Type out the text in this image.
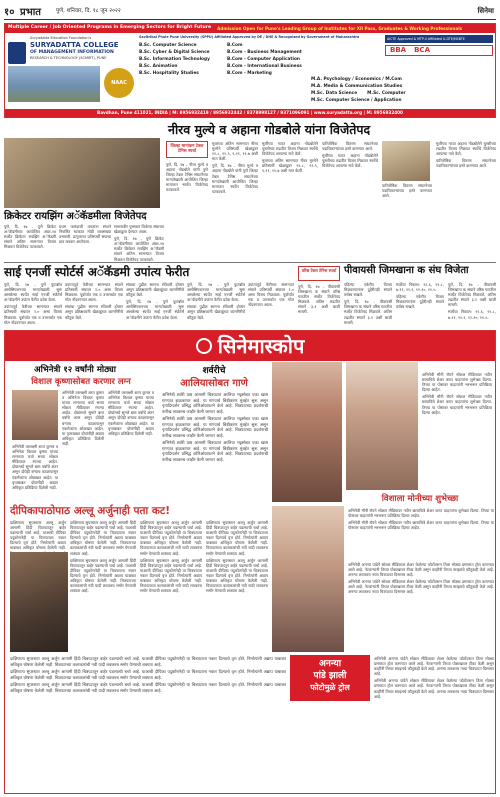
१० प्रभात	पुणे, शनिवार, दि. १८ जून २०२२	सिनेमा
Multiple Career / Job Oriented Programs in Emerging Sectors for Bright Future	Admission Open for Pune's Leading Group of Institutes for XII Pass, Graduates & Working Professionals
Suryadatta Education Foundation's
SURYADATTA COLLEGE
OF MANAGEMENT INFORMATION
RESEARCH & TECHNOLOGY (SCMIRT), PUNE
NAAC
Savitribai Phule Pune University (SPPU) Affiliated Approved by DE / DHE & Recognized by Government of Maharashtra
B.Sc. Computer Science
B.Sc. Cyber & Digital Science
B.Sc. Information Technology
B.Sc. Animation
B.Sc. Hospitality Studies
B.Com
B.Com - Business Management
B.Com - Computer Application
B.Com - International Business
B.Com - Marketing
AICTE Approved & MTP-II Affiliated & DTE/MSBTE
BBA BCA
M.A. Psychology / Economics / M.Com
M.A. Media & Communication Studies
M.Sc. Data Science M.Sc. Computer
M.Sc. Computer Science / Application
Bavdhan, Pune 411021, INDIA | M: 8956932419 / 8956932442 / 8378998127 / 9371096091 | www.suryadatta.org | M: 8956932400
नीरव मुल्ये व अहाना गोडबोले यांना विजेतेपद
जिल्हा मानांकन टेबल टेनिस स्पर्धा

पुणे, दि. १७ - नीरव मुल्ये व अहाना गोडबोले यांनी पुणे जिल्हा टेबल टेनिस संघटनेच्या मान्यतेखाली आयोजित जिल्हा मानांकन स्पर्धेत विजेतेपद पटकावले.

मुलांच्या अंतिम सामन्यात नीरव मुल्येने प्रतिस्पर्धी खेळाडूवर ११-८, ११-९, ९-११, ११-७ अशी मात केली.

पुणे, दि. १७ - नीरव मुल्ये व अहाना गोडबोले यांनी पुणे जिल्हा टेबल टेनिस संघटनेच्या मान्यतेखाली आयोजित जिल्हा मानांकन स्पर्धेत विजेतेपद पटकावले.

मुलींच्या गटात अहाना गोडबोलेने चुरशीच्या लढतीत विजय मिळवत स्पर्धेचे विजेतेपद आपल्या नावे केले.

मुलांच्या अंतिम सामन्यात नीरव मुल्येने प्रतिस्पर्धी खेळाडूवर ११-८, ११-९, ९-११, ११-७ अशी मात केली.

पारितोषिक वितरण संघटनेच्या पदाधिकाऱ्यांच्या हस्ते करण्यात आले.

मुलींच्या गटात अहाना गोडबोलेने चुरशीच्या लढतीत विजय मिळवत स्पर्धेचे विजेतेपद आपल्या नावे केले.

पारितोषिक वितरण संघटनेच्या पदाधिकाऱ्यांच्या हस्ते करण्यात आले.

मुलींच्या गटात अहाना गोडबोलेने चुरशीच्या लढतीत विजय मिळवत स्पर्धेचे विजेतेपद आपल्या नावे केले.

पारितोषिक वितरण संघटनेच्या पदाधिकाऱ्यांच्या हस्ते करण्यात आले.

क्रिकेटर रायझिंग अॅकॅडमीला विजेतेपद

पुणे, दि. १७ - पुणे क्रिकेट अॅकॅडमीच्या आयोजित अंडर-१४ स्पर्धेत क्रिकेटर रायझिंग अॅकॅडमी संघाने अंतिम सामन्यात विजय मिळवत विजेतेपद पटकावले.

प्रथम फलंदाजी करताना संघाने निर्धारित षटकांत मोठी धावसंख्या उभारली. प्रत्युत्तरात प्रतिस्पर्धी संघाचा डाव लवकर आटोपला.

सामनावीर पुरस्कार विजेत्या संघाच्या खेळाडूला देण्यात आला.

पुणे, दि. १७ - पुणे क्रिकेट अॅकॅडमीच्या आयोजित अंडर-१४ स्पर्धेत क्रिकेटर रायझिंग अॅकॅडमी संघाने अंतिम सामन्यात विजय मिळवत विजेतेपद पटकावले.

साई एनर्जी स्पोर्टर्स अॅकॅडमी उपांत्य फेरीत

पुणे, दि. १७ - पुणे फुटबॉल असोसिएशनच्या मान्यतेखाली सुरू असलेल्या स्पर्धेत साई एनर्जी स्पोर्टर्स अॅकॅडमीने उपांत्य फेरीत प्रवेश केला.

उपांत्यपूर्व फेरीच्या सामन्यात संघाने प्रतिस्पर्धी संघावर २-० असा विजय मिळवला. पूर्वार्धात एक व उत्तरार्धात एक गोल नोंदवण्यात आला.

उपांत्यपूर्व फेरीच्या सामन्यात संघाने प्रतिस्पर्धी संघावर २-० असा विजय मिळवला. पूर्वार्धात एक व उत्तरार्धात एक गोल नोंदवण्यात आला.

संघाचा पुढील सामना रविवारी होणार असून प्रशिक्षकांनी खेळाडूंच्या कामगिरीचे कौतुक केले.

संघाचा पुढील सामना रविवारी होणार असून प्रशिक्षकांनी खेळाडूंच्या कामगिरीचे कौतुक केले.

पुणे, दि. १७ - पुणे फुटबॉल असोसिएशनच्या मान्यतेखाली सुरू असलेल्या स्पर्धेत साई एनर्जी स्पोर्टर्स अॅकॅडमीने उपांत्य फेरीत प्रवेश केला.

पुणे, दि. १७ - पुणे फुटबॉल असोसिएशनच्या मान्यतेखाली सुरू असलेल्या स्पर्धेत साई एनर्जी स्पोर्टर्स अॅकॅडमीने उपांत्य फेरीत प्रवेश केला.

संघाचा पुढील सामना रविवारी होणार असून प्रशिक्षकांनी खेळाडूंच्या कामगिरीचे कौतुक केले.

उपांत्यपूर्व फेरीच्या सामन्यात संघाने प्रतिस्पर्धी संघावर २-० असा विजय मिळवला. पूर्वार्धात एक व उत्तरार्धात एक गोल नोंदवण्यात आला.

पीवायसी जिमखाना क संघ विजेता
वरिष्ठ टेबल टेनिस स्पर्धा

पुणे, दि. १७ - पीवायसी जिमखाना क संघाने वरिष्ठ गटातील स्पर्धेत विजेतेपद मिळवले. अंतिम लढतीत संघाने ३-१ अशी बाजी मारली.

पहिल्या एकेरीत विजय मिळवल्यानंतर दुहेरीतही संघाने वर्चस्व राखले.

पुणे, दि. १७ - पीवायसी जिमखाना क संघाने वरिष्ठ गटातील स्पर्धेत विजेतेपद मिळवले. अंतिम लढतीत संघाने ३-१ अशी बाजी मारली.

स्पर्धेचा निकाल: ११-६, ११-८, ७-११, ११-९, १२-१०, ११-५.

पहिल्या एकेरीत विजय मिळवल्यानंतर दुहेरीतही संघाने वर्चस्व राखले.

पुणे, दि. १७ - पीवायसी जिमखाना क संघाने वरिष्ठ गटातील स्पर्धेत विजेतेपद मिळवले. अंतिम लढतीत संघाने ३-१ अशी बाजी मारली.

स्पर्धेचा निकाल: ११-६, ११-८, ७-११, ११-९, १२-१०, ११-५.

सिनेमास्कोप
अभिनेत्री १२ वर्षांनी मोठ्या
विशाल कृष्णासोबत करणार लग्न

अभिनेत्री वरलक्ष्मी शरत कुमार व अभिनेता विशाल कृष्णा यांच्या लग्नाच्या चर्चा सध्या सोशल मीडियावर रंगल्या आहेत. दोघांमध्ये सुमारे बारा वर्षांचे अंतर असून दोघेही बऱ्याच काळापासून एकमेकांना ओळखत आहेत. या वृत्ताबाबत दोघांनीही अद्याप अधिकृत प्रतिक्रिया दिलेली नाही.

अभिनेत्री वरलक्ष्मी शरत कुमार व अभिनेता विशाल कृष्णा यांच्या लग्नाच्या चर्चा सध्या सोशल मीडियावर रंगल्या आहेत. दोघांमध्ये सुमारे बारा वर्षांचे अंतर असून दोघेही बऱ्याच काळापासून एकमेकांना ओळखत आहेत. या वृत्ताबाबत दोघांनीही अद्याप अधिकृत प्रतिक्रिया दिलेली नाही.

अभिनेत्री वरलक्ष्मी शरत कुमार व अभिनेता विशाल कृष्णा यांच्या लग्नाच्या चर्चा सध्या सोशल मीडियावर रंगल्या आहेत. दोघांमध्ये सुमारे बारा वर्षांचे अंतर असून दोघेही बऱ्याच काळापासून एकमेकांना ओळखत आहेत. या वृत्ताबाबत दोघांनीही अद्याप अधिकृत प्रतिक्रिया दिलेली नाही.

शर्वरीचे
आलियासोबत गाणे

अभिनेत्री शर्वरी वाघ आगामी चित्रपटात आलिया भट्टसोबत एका खास गाण्यात झळकणार आहे. या गाण्याचे चित्रीकरण मुंबईत सुरू असून नृत्यदिग्दर्शन प्रसिद्ध कोरिओग्राफरने केले आहे. चित्रपटाच्या प्रदर्शनाची तारीख लवकरच जाहीर केली जाणार आहे.

अभिनेत्री शर्वरी वाघ आगामी चित्रपटात आलिया भट्टसोबत एका खास गाण्यात झळकणार आहे. या गाण्याचे चित्रीकरण मुंबईत सुरू असून नृत्यदिग्दर्शन प्रसिद्ध कोरिओग्राफरने केले आहे. चित्रपटाच्या प्रदर्शनाची तारीख लवकरच जाहीर केली जाणार आहे.

अभिनेत्री शर्वरी वाघ आगामी चित्रपटात आलिया भट्टसोबत एका खास गाण्यात झळकणार आहे. या गाण्याचे चित्रीकरण मुंबईत सुरू असून नृत्यदिग्दर्शन प्रसिद्ध कोरिओग्राफरने केले आहे. चित्रपटाच्या प्रदर्शनाची तारीख लवकरच जाहीर केली जाणार आहे.

अभिनेत्री मौनी रॉयने सोशल मीडियावर नवीन छायाचित्रे शेअर करत चाहत्यांना शुभेच्छा दिल्या. तिच्या या पोस्टवर चाहत्यांनी भरभरून प्रतिक्रिया दिल्या आहेत.

अभिनेत्री मौनी रॉयने सोशल मीडियावर नवीन छायाचित्रे शेअर करत चाहत्यांना शुभेच्छा दिल्या. तिच्या या पोस्टवर चाहत्यांनी भरभरून प्रतिक्रिया दिल्या आहेत.

विशाला मोनीच्या शुभेच्छा

अभिनेत्री मौनी रॉयने सोशल मीडियावर नवीन छायाचित्रे शेअर करत चाहत्यांना शुभेच्छा दिल्या. तिच्या या पोस्टवर चाहत्यांनी भरभरून प्रतिक्रिया दिल्या आहेत.

अभिनेत्री मौनी रॉयने सोशल मीडियावर नवीन छायाचित्रे शेअर करत चाहत्यांना शुभेच्छा दिल्या. तिच्या या पोस्टवर चाहत्यांनी भरभरून प्रतिक्रिया दिल्या आहेत.

दीपिकापाठोपाठ अल्लू अर्जुनाही पता कट!

दाक्षिणात्य सुपरस्टार अल्लू अर्जुन आगामी हिंदी चित्रपटातून बाहेर पडल्याची चर्चा आहे. याआधी दीपिका पदुकोणनेही या चित्रपटाला नकार दिल्याचे वृत्त होते. निर्मात्यांनी अद्याप याबाबत अधिकृत घोषणा केलेली नाही.

दाक्षिणात्य सुपरस्टार अल्लू अर्जुन आगामी हिंदी चित्रपटातून बाहेर पडल्याची चर्चा आहे. याआधी दीपिका पदुकोणनेही या चित्रपटाला नकार दिल्याचे वृत्त होते. निर्मात्यांनी अद्याप याबाबत अधिकृत घोषणा केलेली नाही. चित्रपटाच्या कलाकारांची नवी यादी लवकरच समोर येण्याची शक्यता आहे.

दाक्षिणात्य सुपरस्टार अल्लू अर्जुन आगामी हिंदी चित्रपटातून बाहेर पडल्याची चर्चा आहे. याआधी दीपिका पदुकोणनेही या चित्रपटाला नकार दिल्याचे वृत्त होते. निर्मात्यांनी अद्याप याबाबत अधिकृत घोषणा केलेली नाही. चित्रपटाच्या कलाकारांची नवी यादी लवकरच समोर येण्याची शक्यता आहे.

दाक्षिणात्य सुपरस्टार अल्लू अर्जुन आगामी हिंदी चित्रपटातून बाहेर पडल्याची चर्चा आहे. याआधी दीपिका पदुकोणनेही या चित्रपटाला नकार दिल्याचे वृत्त होते. निर्मात्यांनी अद्याप याबाबत अधिकृत घोषणा केलेली नाही. चित्रपटाच्या कलाकारांची नवी यादी लवकरच समोर येण्याची शक्यता आहे.

दाक्षिणात्य सुपरस्टार अल्लू अर्जुन आगामी हिंदी चित्रपटातून बाहेर पडल्याची चर्चा आहे. याआधी दीपिका पदुकोणनेही या चित्रपटाला नकार दिल्याचे वृत्त होते. निर्मात्यांनी अद्याप याबाबत अधिकृत घोषणा केलेली नाही. चित्रपटाच्या कलाकारांची नवी यादी लवकरच समोर येण्याची शक्यता आहे.

दाक्षिणात्य सुपरस्टार अल्लू अर्जुन आगामी हिंदी चित्रपटातून बाहेर पडल्याची चर्चा आहे. याआधी दीपिका पदुकोणनेही या चित्रपटाला नकार दिल्याचे वृत्त होते. निर्मात्यांनी अद्याप याबाबत अधिकृत घोषणा केलेली नाही. चित्रपटाच्या कलाकारांची नवी यादी लवकरच समोर येण्याची शक्यता आहे.

दाक्षिणात्य सुपरस्टार अल्लू अर्जुन आगामी हिंदी चित्रपटातून बाहेर पडल्याची चर्चा आहे. याआधी दीपिका पदुकोणनेही या चित्रपटाला नकार दिल्याचे वृत्त होते. निर्मात्यांनी अद्याप याबाबत अधिकृत घोषणा केलेली नाही. चित्रपटाच्या कलाकारांची नवी यादी लवकरच समोर येण्याची शक्यता आहे.

अनन्या
पांडे झाली
फोटोमुळे ट्रोल

अभिनेत्री अनन्या पांडेने सोशल मीडियावर शेअर केलेल्या फोटोंवरून तिला मोठ्या प्रमाणात ट्रोल करण्यात आले आहे. नेटकऱ्यांनी तिच्या पोशाखावर टीका केली असून काहींनी तिच्या स्टाइलचे कौतुकही केले आहे. अनन्या लवकरच नव्या चित्रपटात दिसणार आहे.

अभिनेत्री अनन्या पांडेने सोशल मीडियावर शेअर केलेल्या फोटोंवरून तिला मोठ्या प्रमाणात ट्रोल करण्यात आले आहे. नेटकऱ्यांनी तिच्या पोशाखावर टीका केली असून काहींनी तिच्या स्टाइलचे कौतुकही केले आहे. अनन्या लवकरच नव्या चित्रपटात दिसणार आहे.

दाक्षिणात्य सुपरस्टार अल्लू अर्जुन आगामी हिंदी चित्रपटातून बाहेर पडल्याची चर्चा आहे. याआधी दीपिका पदुकोणनेही या चित्रपटाला नकार दिल्याचे वृत्त होते. निर्मात्यांनी अद्याप याबाबत अधिकृत घोषणा केलेली नाही. चित्रपटाच्या कलाकारांची नवी यादी लवकरच समोर येण्याची शक्यता आहे.

दाक्षिणात्य सुपरस्टार अल्लू अर्जुन आगामी हिंदी चित्रपटातून बाहेर पडल्याची चर्चा आहे. याआधी दीपिका पदुकोणनेही या चित्रपटाला नकार दिल्याचे वृत्त होते. निर्मात्यांनी अद्याप याबाबत अधिकृत घोषणा केलेली नाही. चित्रपटाच्या कलाकारांची नवी यादी लवकरच समोर येण्याची शक्यता आहे.

दाक्षिणात्य सुपरस्टार अल्लू अर्जुन आगामी हिंदी चित्रपटातून बाहेर पडल्याची चर्चा आहे. याआधी दीपिका पदुकोणनेही या चित्रपटाला नकार दिल्याचे वृत्त होते. निर्मात्यांनी अद्याप याबाबत अधिकृत घोषणा केलेली नाही. चित्रपटाच्या कलाकारांची नवी यादी लवकरच समोर येण्याची शक्यता आहे.

अभिनेत्री अनन्या पांडेने सोशल मीडियावर शेअर केलेल्या फोटोंवरून तिला मोठ्या प्रमाणात ट्रोल करण्यात आले आहे. नेटकऱ्यांनी तिच्या पोशाखावर टीका केली असून काहींनी तिच्या स्टाइलचे कौतुकही केले आहे. अनन्या लवकरच नव्या चित्रपटात दिसणार आहे.

अभिनेत्री अनन्या पांडेने सोशल मीडियावर शेअर केलेल्या फोटोंवरून तिला मोठ्या प्रमाणात ट्रोल करण्यात आले आहे. नेटकऱ्यांनी तिच्या पोशाखावर टीका केली असून काहींनी तिच्या स्टाइलचे कौतुकही केले आहे. अनन्या लवकरच नव्या चित्रपटात दिसणार आहे.
